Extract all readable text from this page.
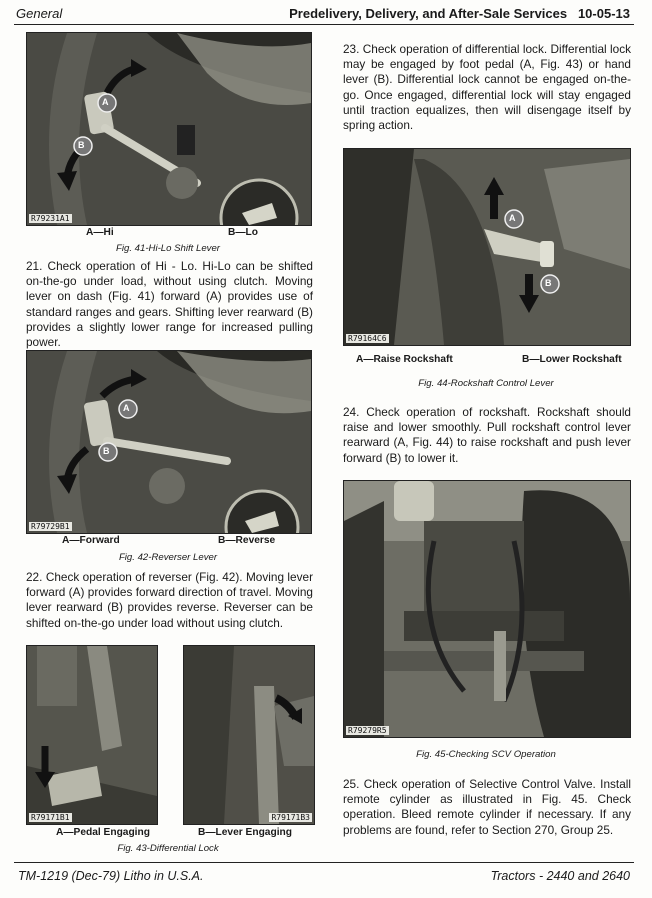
General	Predelivery, Delivery, and After-Sale Services 10-05-13
A
B
R79231A1
A—Hi	B—Lo
Fig. 41-Hi-Lo Shift Lever

21. Check operation of Hi - Lo. Hi-Lo can be shifted on-the-go under load, without using clutch. Moving lever on dash (Fig. 41) forward (A) provides use of standard ranges and gears. Shifting lever rearward (B) provides a slightly lower range for increased pulling power.

A
B
R79729B1
A—Forward	B—Reverse
Fig. 42-Reverser Lever

22. Check operation of reverser (Fig. 42). Moving lever forward (A) provides forward direction of travel. Moving lever rearward (B) provides reverse. Reverser can be shifted on-the-go under load without using clutch.

R79171B1	R79171B3
A—Pedal Engaging	B—Lever Engaging
Fig. 43-Differential Lock

23. Check operation of differential lock. Differential lock may be engaged by foot pedal (A, Fig. 43) or hand lever (B). Differential lock cannot be engaged on-the-go. Once engaged, differential lock will stay engaged until traction equalizes, then will disengage itself by spring action.

A
B
R79164C6
A—Raise Rockshaft	B—Lower Rockshaft
Fig. 44-Rockshaft Control Lever

24. Check operation of rockshaft. Rockshaft should raise and lower smoothly. Pull rockshaft control lever rearward (A, Fig. 44) to raise rockshaft and push lever forward (B) to lower it.

R79279R5
Fig. 45-Checking SCV Operation

25. Check operation of Selective Control Valve. Install remote cylinder as illustrated in Fig. 45. Check operation. Bleed remote cylinder if necessary. If any problems are found, refer to Section 270, Group 25.

TM-1219 (Dec-79) Litho in U.S.A.	Tractors - 2440 and 2640
